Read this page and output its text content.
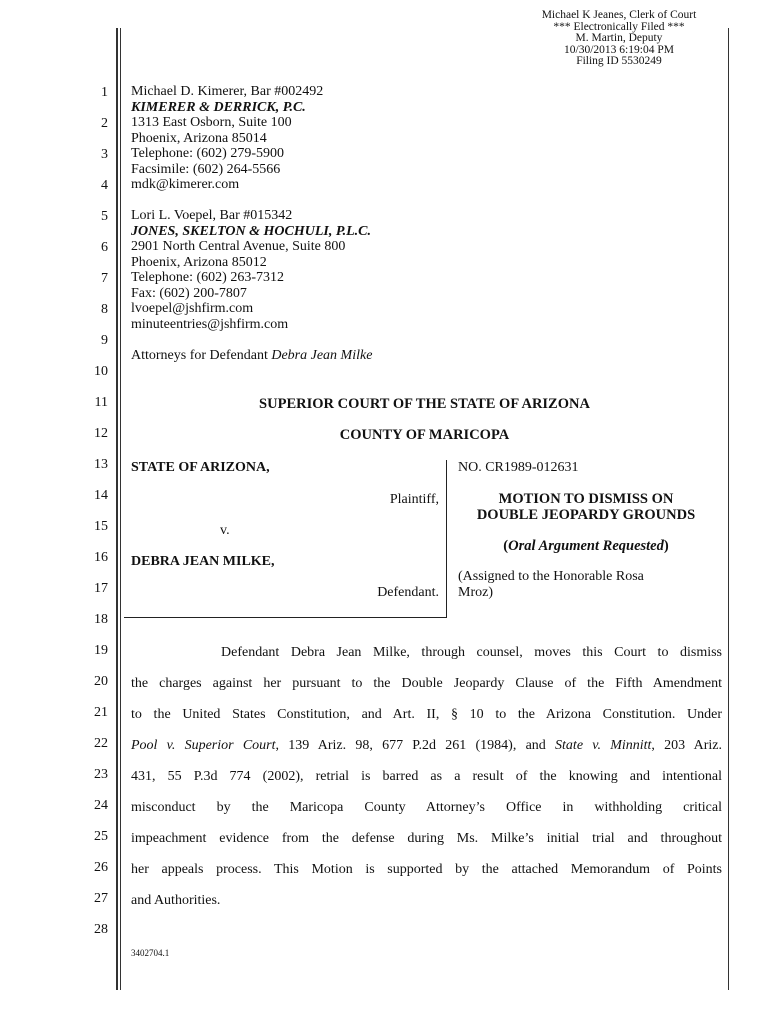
Michael K Jeanes, Clerk of Court
*** Electronically Filed ***
M. Martin, Deputy
10/30/2013 6:19:04 PM
Filing ID 5530249
1
2
3
4
5
6
7
8
9
10
11
12
13
14
15
16
17
18
19
20
21
22
23
24
25
26
27
28
Michael D. Kimerer, Bar #002492
KIMERER & DERRICK, P.C.
1313 East Osborn, Suite 100
Phoenix, Arizona 85014
Telephone: (602) 279-5900
Facsimile: (602) 264-5566
mdk@kimerer.com
Lori L. Voepel, Bar #015342
JONES, SKELTON & HOCHULI, P.L.C.
2901 North Central Avenue, Suite 800
Phoenix, Arizona 85012
Telephone: (602) 263-7312
Fax: (602) 200-7807
lvoepel@jshfirm.com
minuteentries@jshfirm.com
Attorneys for Defendant Debra Jean Milke
SUPERIOR COURT OF THE STATE OF ARIZONA
COUNTY OF MARICOPA
STATE OF ARIZONA,
Plaintiff,
v.
DEBRA JEAN MILKE,
Defendant.
NO. CR1989-012631
MOTION TO DISMISS ON
DOUBLE JEOPARDY GROUNDS
(Oral Argument Requested)
(Assigned to the Honorable Rosa
Mroz)
Defendant Debra Jean Milke, through counsel, moves this Court to dismiss
the charges against her pursuant to the Double Jeopardy Clause of the Fifth Amendment
to the United States Constitution, and Art. II, § 10 to the Arizona Constitution. Under
Pool v. Superior Court, 139 Ariz. 98, 677 P.2d 261 (1984), and State v. Minnitt, 203 Ariz.
431, 55 P.3d 774 (2002), retrial is barred as a result of the knowing and intentional
misconduct by the Maricopa County Attorney’s Office in withholding critical
impeachment evidence from the defense during Ms. Milke’s initial trial and throughout
her appeals process. This Motion is supported by the attached Memorandum of Points
and Authorities.
3402704.1
